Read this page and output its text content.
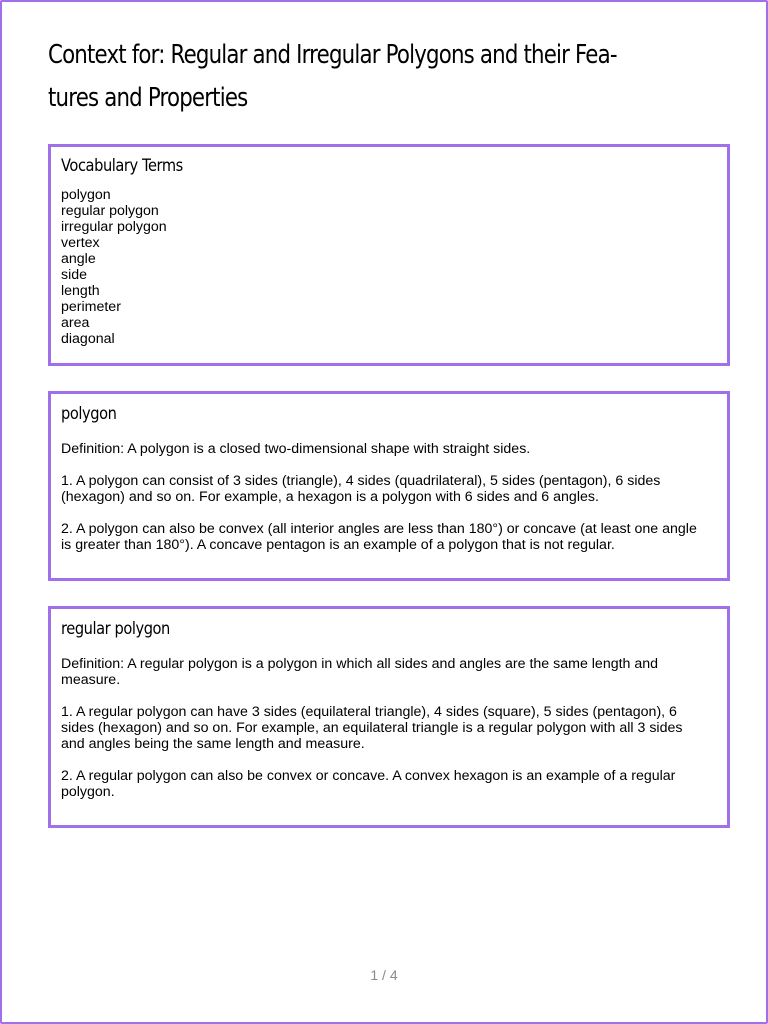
Context for: Regular and Irregular Polygons and their Fea-
tures and Properties
Vocabulary Terms
polygon
regular polygon
irregular polygon
vertex
angle
side
length
perimeter
area
diagonal
polygon

Definition: A polygon is a closed two-dimensional shape with straight sides.

1. A polygon can consist of 3 sides (triangle), 4 sides (quadrilateral), 5 sides (pentagon), 6 sides (hexagon) and so on. For example, a hexagon is a polygon with 6 sides and 6 angles.

2. A polygon can also be convex (all interior angles are less than 180°) or concave (at least one angle is greater than 180°). A concave pentagon is an example of a polygon that is not regular.

regular polygon

Definition: A regular polygon is a polygon in which all sides and angles are the same length and measure.

1. A regular polygon can have 3 sides (equilateral triangle), 4 sides (square), 5 sides (pentagon), 6 sides (hexagon) and so on. For example, an equilateral triangle is a regular polygon with all 3 sides and angles being the same length and measure.

2. A regular polygon can also be convex or concave. A convex hexagon is an example of a regular polygon.

1 / 4
